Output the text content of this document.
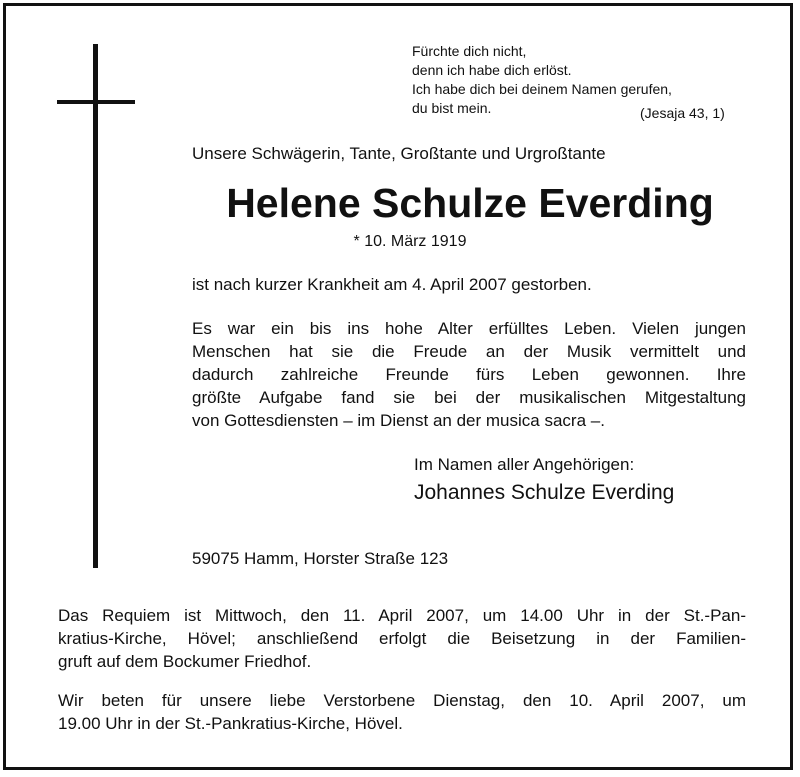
Fürchte dich nicht,
denn ich habe dich erlöst.
Ich habe dich bei deinem Namen gerufen,
du bist mein.	(Jesaja 43, 1)
Unsere Schwägerin, Tante, Großtante und Urgroßtante
Helene Schulze Everding
* 10. März 1919
ist nach kurzer Krankheit am 4. April 2007 gestorben.
Es war ein bis ins hohe Alter erfülltes Leben. Vielen jungen
Menschen hat sie die Freude an der Musik vermittelt und
dadurch zahlreiche Freunde fürs Leben gewonnen. Ihre
größte Aufgabe fand sie bei der musikalischen Mitgestaltung
von Gottesdiensten – im Dienst an der musica sacra –.
Im Namen aller Angehörigen:
Johannes Schulze Everding
59075 Hamm, Horster Straße 123
Das Requiem ist Mittwoch, den 11. April 2007, um 14.00 Uhr in der St.-Pan-
kratius-Kirche, Hövel; anschließend erfolgt die Beisetzung in der Familien-
gruft auf dem Bockumer Friedhof.
Wir beten für unsere liebe Verstorbene Dienstag, den 10. April 2007, um
19.00 Uhr in der St.-Pankratius-Kirche, Hövel.
